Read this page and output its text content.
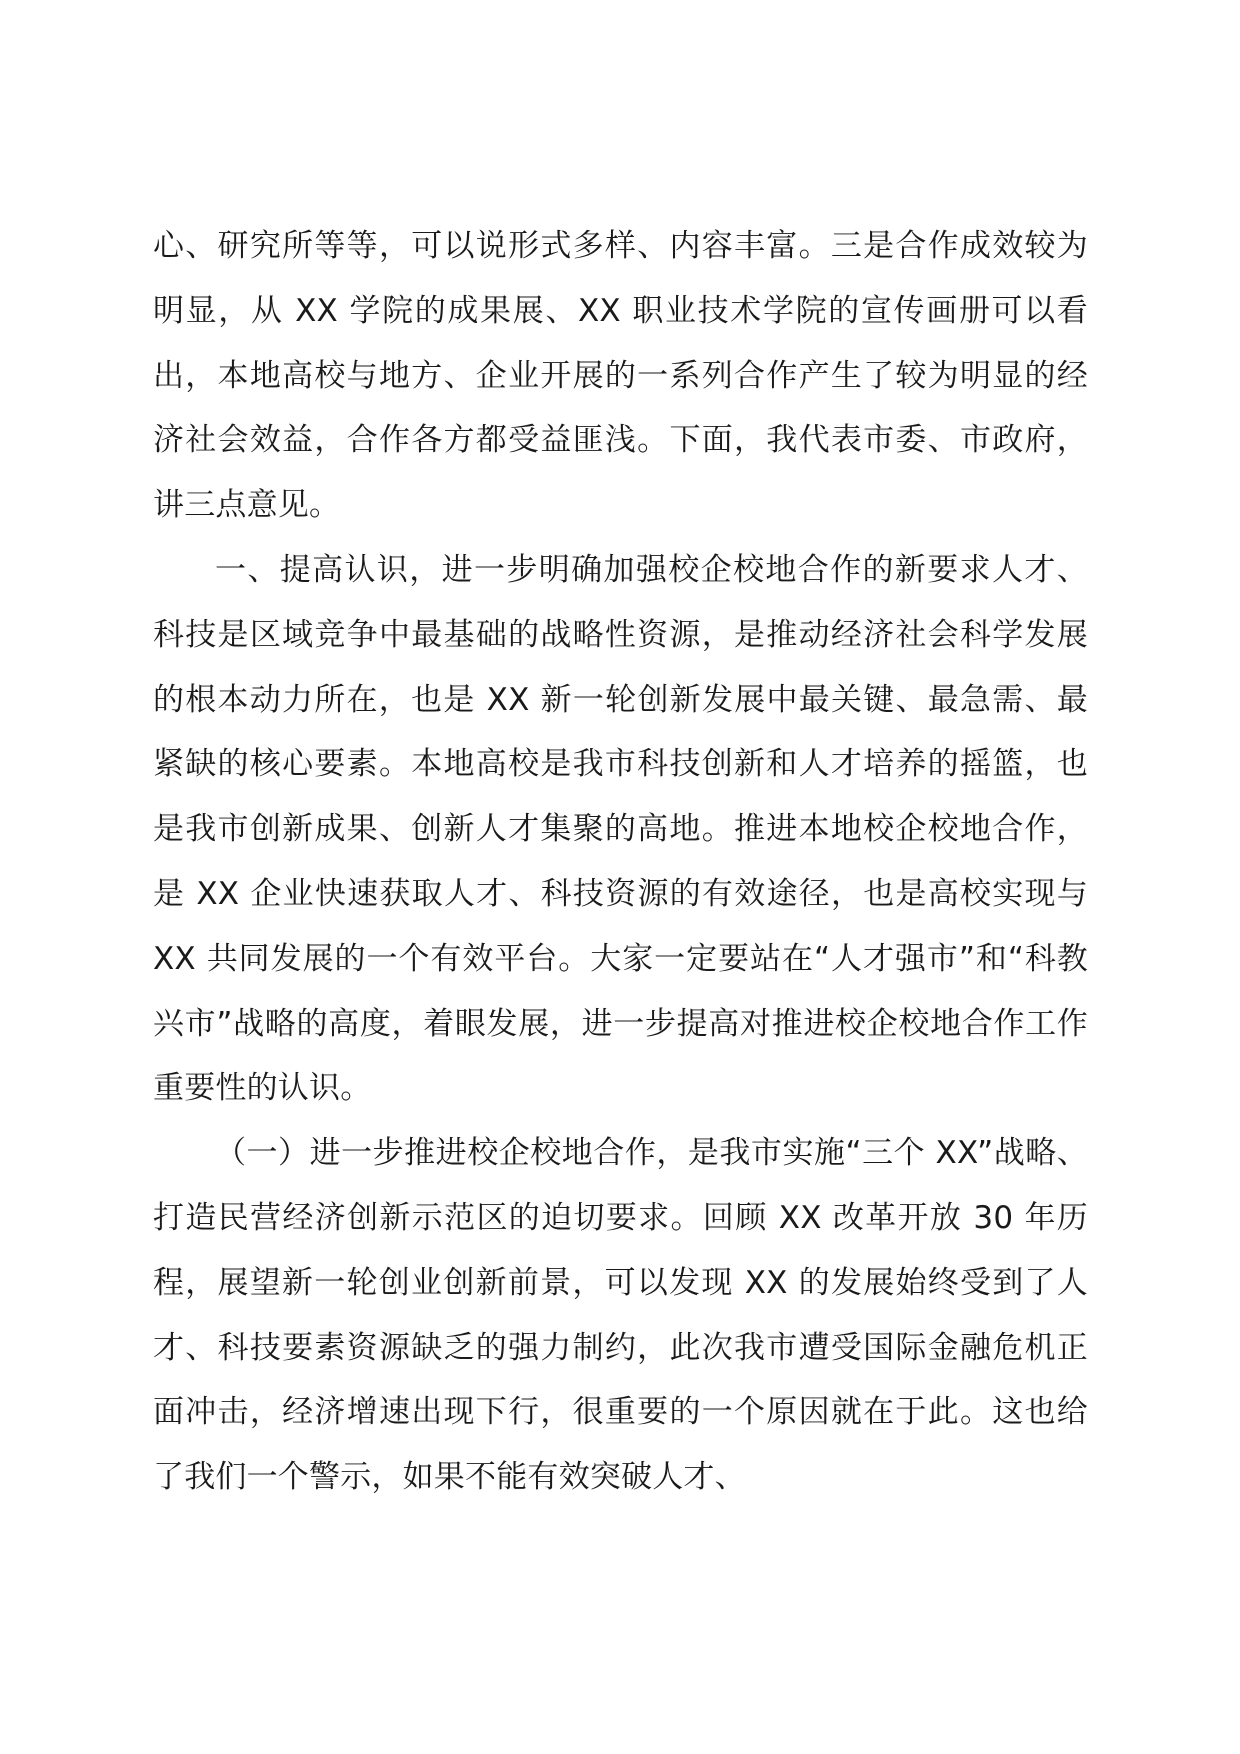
心、研究所等等，可以说形式多样、内容丰富。三是合作成效较为明显，从 XX 学院的成果展、XX 职业技术学院的宣传画册可以看出，本地高校与地方、企业开展的一系列合作产生了较为明显的经济社会效益，合作各方都受益匪浅。下面，我代表市委、市政府，讲三点意见。

一、提高认识，进一步明确加强校企校地合作的新要求人才、科技是区域竞争中最基础的战略性资源，是推动经济社会科学发展的根本动力所在，也是 XX 新一轮创新发展中最关键、最急需、最紧缺的核心要素。本地高校是我市科技创新和人才培养的摇篮，也是我市创新成果、创新人才集聚的高地。推进本地校企校地合作，是 XX 企业快速获取人才、科技资源的有效途径，也是高校实现与 XX 共同发展的一个有效平台。大家一定要站在“人才强市”和“科教兴市”战略的高度，着眼发展，进一步提高对推进校企校地合作工作重要性的认识。

（一）进一步推进校企校地合作，是我市实施“三个 XX”战略、打造民营经济创新示范区的迫切要求。回顾 XX 改革开放 30 年历程，展望新一轮创业创新前景，可以发现 XX 的发展始终受到了人才、科技要素资源缺乏的强力制约，此次我市遭受国际金融危机正面冲击，经济增速出现下行，很重要的一个原因就在于此。这也给了我们一个警示，如果不能有效突破人才、
